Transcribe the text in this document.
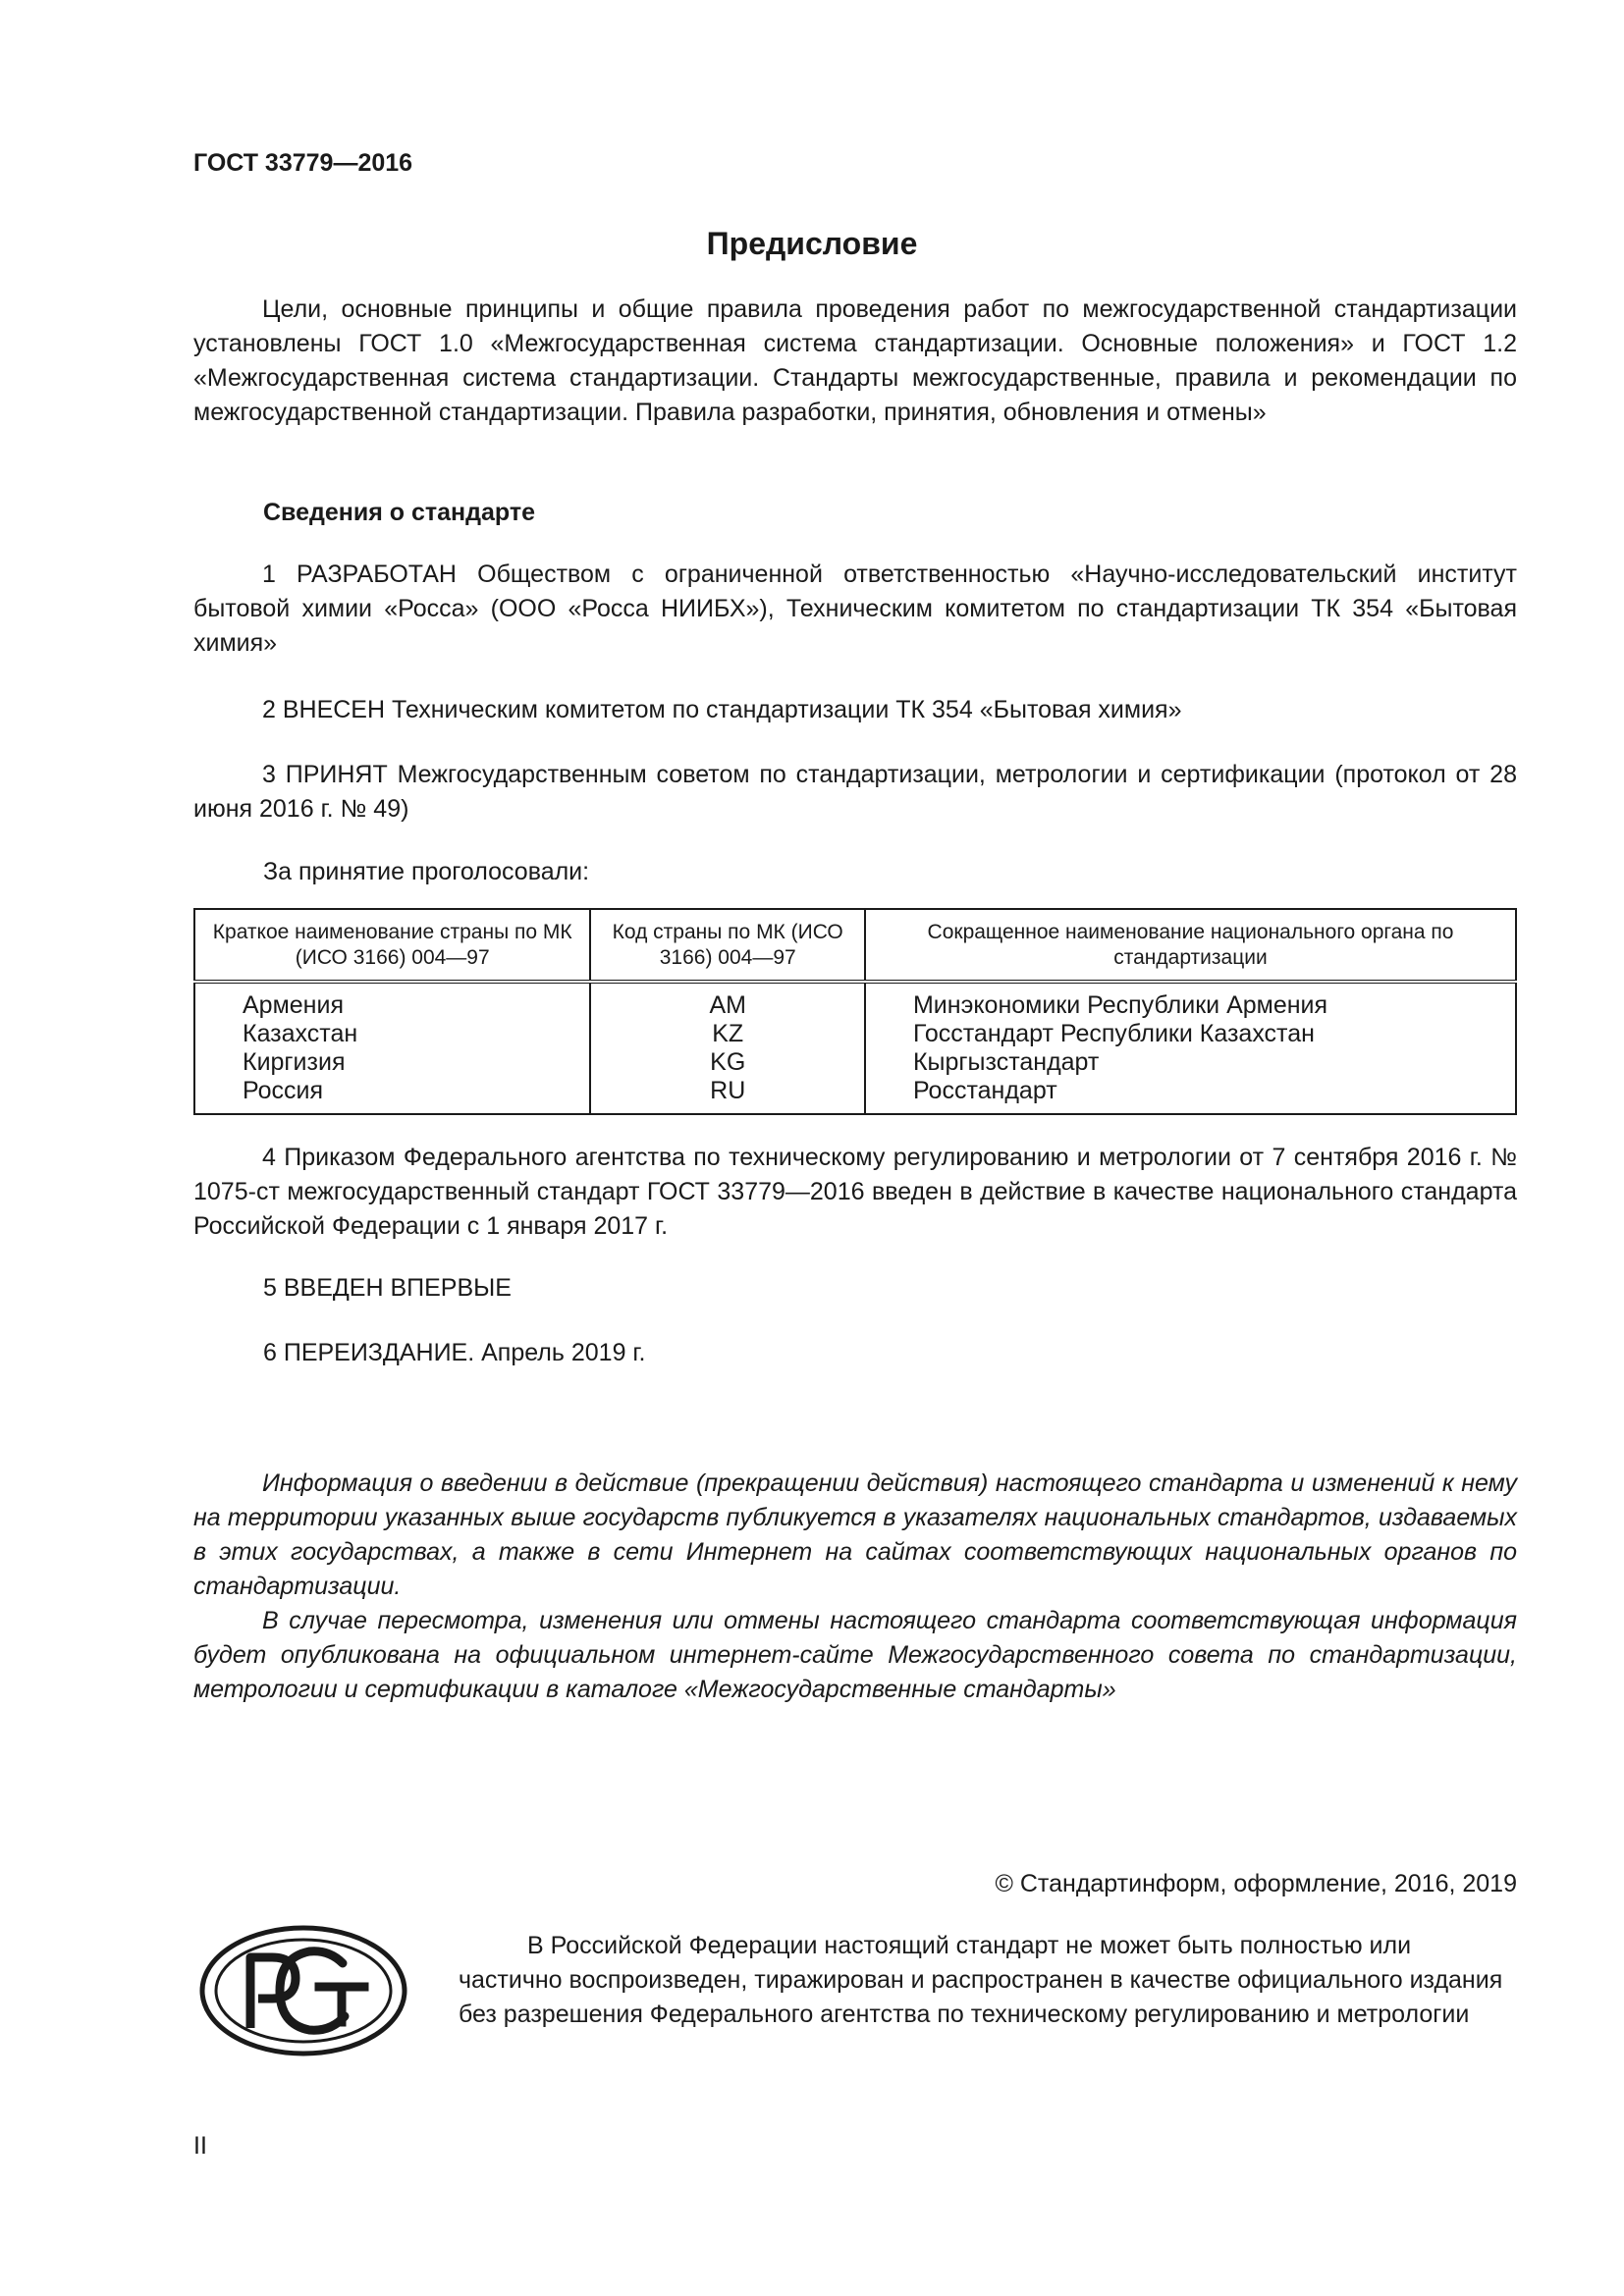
ГОСТ 33779—2016
Предисловие

Цели, основные принципы и общие правила проведения работ по межгосударственной стандартизации установлены ГОСТ 1.0 «Межгосударственная система стандартизации. Основные положения» и ГОСТ 1.2 «Межгосударственная система стандартизации. Стандарты межгосударственные, правила и рекомендации по межгосударственной стандартизации. Правила разработки, принятия, обновления и отмены»

Сведения о стандарте

1 РАЗРАБОТАН Обществом с ограниченной ответственностью «Научно-исследовательский институт бытовой химии «Росса» (ООО «Росса НИИБХ»), Техническим комитетом по стандартизации ТК 354 «Бытовая химия»

2 ВНЕСЕН Техническим комитетом по стандартизации ТК 354 «Бытовая химия»

3 ПРИНЯТ Межгосударственным советом по стандартизации, метрологии и сертификации (протокол от 28 июня 2016 г. № 49)

За принятие проголосовали:
Краткое наименование страны по МК (ИСО 3166) 004—97	Код страны по МК (ИСО 3166) 004—97	Сокращенное наименование национального органа по стандартизации
Армения	AM	Минэкономики Республики Армения
Казахстан	KZ	Госстандарт Республики Казахстан
Киргизия	KG	Кыргызстандарт
Россия	RU	Росстандарт

4 Приказом Федерального агентства по техническому регулированию и метрологии от 7 сентября 2016 г. № 1075-ст межгосударственный стандарт ГОСТ 33779—2016 введен в действие в качестве национального стандарта Российской Федерации с 1 января 2017 г.

5 ВВЕДЕН ВПЕРВЫЕ
6 ПЕРЕИЗДАНИЕ. Апрель 2019 г.

Информация о введении в действие (прекращении действия) настоящего стандарта и изменений к нему на территории указанных выше государств публикуется в указателях национальных стандартов, издаваемых в этих государствах, а также в сети Интернет на сайтах соответствующих национальных органов по стандартизации.

В случае пересмотра, изменения или отмены настоящего стандарта соответствующая информация будет опубликована на официальном интернет-сайте Межгосударственного совета по стандартизации, метрологии и сертификации в каталоге «Межгосударственные стандарты»

© Стандартинформ, оформление, 2016, 2019

В Российской Федерации настоящий стандарт не может быть полностью или частично воспроизведен, тиражирован и распространен в качестве официального издания без разрешения Федерального агентства по техническому регулированию и метрологии

II
